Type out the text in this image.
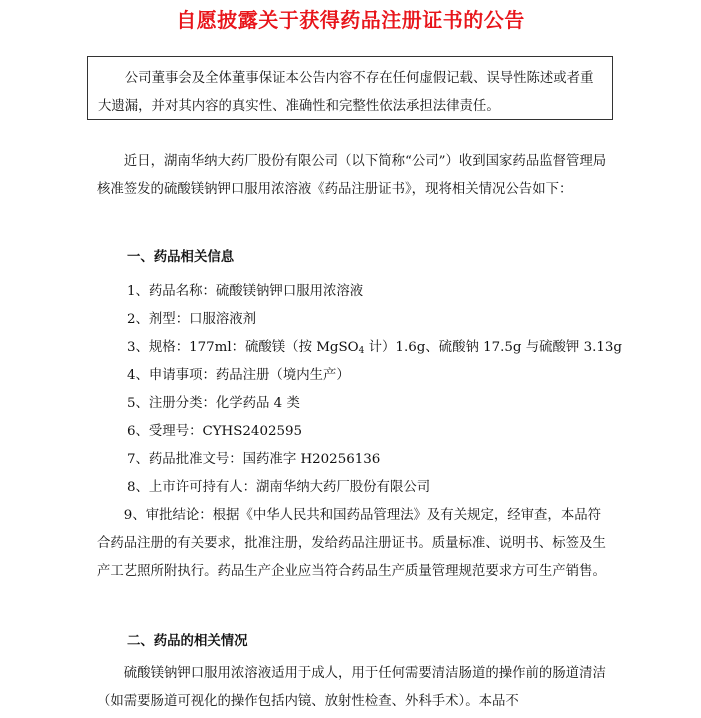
自愿披露关于获得药品注册证书的公告

公司董事会及全体董事保证本公告内容不存在任何虚假记载、误导性陈述或者重大遗漏，并对其内容的真实性、准确性和完整性依法承担法律责任。

近日，湖南华纳大药厂股份有限公司（以下简称“公司”）收到国家药品监督管理局核准签发的硫酸镁钠钾口服用浓溶液《药品注册证书》，现将相关情况公告如下：

一、药品相关信息
1、药品名称：硫酸镁钠钾口服用浓溶液
2、剂型：口服溶液剂
3、规格：177ml：硫酸镁（按 MgSO$_4$ 计）1.6g、硫酸钠 17.5g 与硫酸钾 3.13g
4、申请事项：药品注册（境内生产）
5、注册分类：化学药品 4 类
6、受理号：CYHS2402595
7、药品批准文号：国药准字 H20256136
8、上市许可持有人：湖南华纳大药厂股份有限公司

9、审批结论：根据《中华人民共和国药品管理法》及有关规定，经审查，本品符合药品注册的有关要求，批准注册，发给药品注册证书。质量标准、说明书、标签及生产工艺照所附执行。药品生产企业应当符合药品生产质量管理规范要求方可生产销售。

二、药品的相关情况

硫酸镁钠钾口服用浓溶液适用于成人，用于任何需要清洁肠道的操作前的肠道清洁（如需要肠道可视化的操作包括内镜、放射性检查、外科手术）。本品不
